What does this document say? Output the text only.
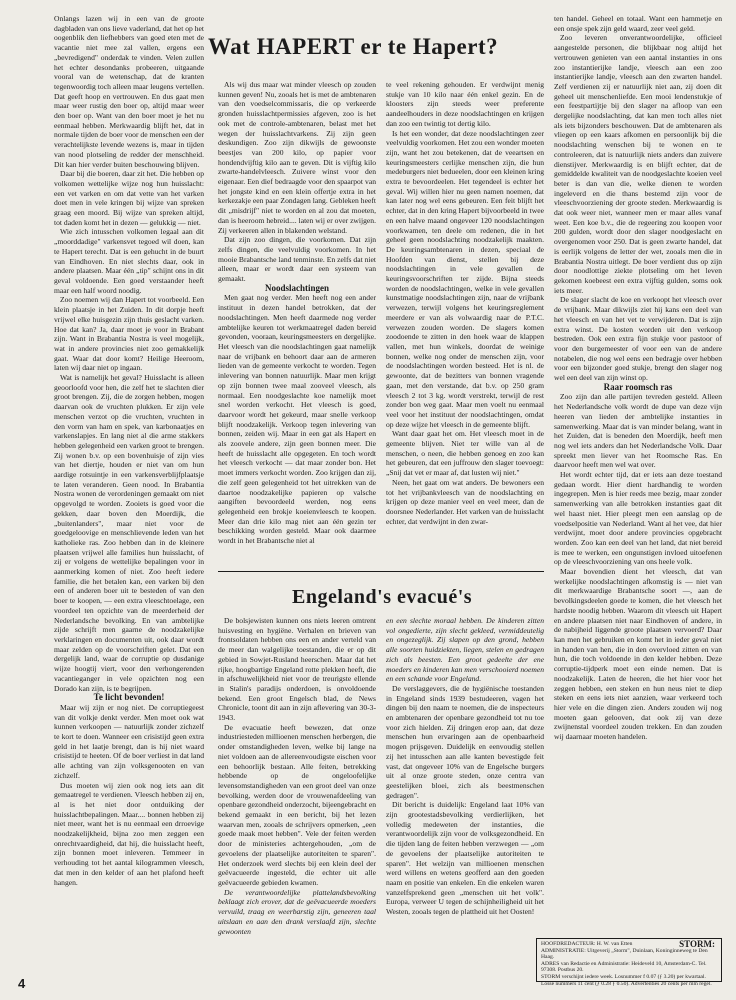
Wat HAPERT er te Hapert?

Onlangs lazen wij in een van de groote dagbladen van ons lieve vaderland, dat het op het oogenblik den liefhebbers van goed eten met de vacantie niet mee zal vallen, ergens een „bevredigend" onderdak te vinden. Velen zullen het echter desondanks probeeren, uitgaande vooral van de wetenschap, dat de kranten tegenwoordig toch alleen maar leugens vertellen. Dat geeft hoop en vertrouwen. En dus gaat men maar weer rustig den boer op, altijd maar weer den boer op. Want van den boer moet je het nu eenmaal hebben. Merkwaardig blijft het, dat in normale tijden de boer voor de menschen een der verachtelijkste levende wezens is, maar in tijden van nood plotseling de redder der menschheid. Dit kan hier verder buiten beschouwing blijven.

Daar bij die boeren, daar zit het. Die hebben op volkomen wettelijke wijze nog hun huisslacht: een vet varken en om dat vette van het varken doet men in vele kringen bij wijze van spreken graag een moord. Bij wijze van spreken altijd, tot daden komt het in dezen — gelukkig — niet.

Wie zich intusschen volkomen legaal aan dit „moorddadige" varkensvet tegoed wil doen, kan te Hapert terecht. Dat is een gehucht in de buurt van Eindhoven. En niet slechts daar, ook in andere plaatsen. Maar één „tip" schijnt ons in dit geval voldoende. Een goed verstaander heeft maar een half woord noodig.

Zoo noemen wij dan Hapert tot voorbeeld. Een klein plaatsje in het Zuiden. In dit dorpje heeft vrijwel elke huisgezin zijn thuis geslacht varken. Hoe dat kan? Ja, daar moet je voor in Brabant zijn. Want in Brabantia Nostra is veel mogelijk, wat in andere provincies niet zoo gemakkelijk gaat. Waar dat door komt? Heilige Heeroom, laten wij daar niet op ingaan.

Wat is namelijk het geval? Huisslacht is alleen geoorloofd voor hen, die zelf het te slachten dier groot brengen. Zij, die de zorgen hebben, mogen daarvan ook de vruchten plukken. Er zijn vele menschen verzot op die vruchten, vruchten in den vorm van ham en spek, van karbonaatjes en varkenslapjes. En lang niet al die arme stakkers hebben gelegenheid een varken groot te brengen. Zij wonen b.v. op een bovenhuisje of zijn vies van het diertje, houden er niet van om hun aardige rotsuintje in een varkensverblijfplaatsje te laten veranderen. Geen nood. In Brabantia Nostra wonen de verordeningen gemaakt om niet opgevolgd te worden. Zooiets is goed voor die gekken, daar boven den Moerdijk, die „buitenlanders", maar niet voor de goedgeloovige en menschlievende leden van het katholieke ras. Zoo hebben dan in de kleinere plaatsen vrijwel alle families hun huisslacht, of zij er volgens de wettelijke bepalingen voor in aanmerking komen of niet. Zoo heeft iedere familie, die het betalen kan, een varken bij den een of anderen boer uit te besteden of van den boer te koopen, — een extra vleeschtoelage, een voordeel ten opzichte van de meerderheid der Nederlandsche bevolking. En van ambtelijke zijde schrijft men gaarne de noodzakelijke verklaringen en documenten uit, ook daar wordt maar zelden op de voorschriften gelet. Dat een dergelijk land, waar de corruptie op dusdanige wijze hoogtij viert, voor den verhongerenden vacantieganger in vele opzichten nog een Dorado kan zijn, is te begrijpen.

Te licht bevonden!

Maar wij zijn er nog niet. De corruptiegeest van dit volkje denkt verder. Men moet ook wat kunnen verkoopen — natuurlijk zonder zichzelf te kort te doen. Wanneer een crisistijd geen extra geld in het laatje brengt, dan is hij niet waard crisistijd te heeten. Of de boer verliest in dat land alle achting van zijn volksgenooten en van zichzelf.

Dus moeten wij zien ook nog iets aan dit gemaatregel te verdienen. Vleesch hebben zij en, al is het niet door ontduiking der huisslachtbepalingen. Maar.... bonnen hebben zij niet meer, want het is nu eenmaal een drroevige noodzakelijkheid, bijna zoo men zeggen een onrechtvaardigheid, dat hij, die huisslacht heeft, zijn bonnen moet inleveren. Temmeer in verhouding tot het aantal kilogrammen vleesch, dat men in den kelder of aan het plafond heeft hangen.

Als wij dus maar wat minder vleesch op zouden kunnen geven! Nu, zooals het is met de ambtenaren van den voedselcommissaris, die op verkeerde gronden huisslachtpermissies afgeven, zoo is het ook met de controle-ambtenaren, belast met het wegen der huisslachtvarkens. Zij zijn geen deskundigen. Zoo zijn dikwijls de gewoonste beestjes van 200 kilo, op papier voor hondendvijftig kilo aan te geven. Dit is vijftig kilo zwarte-handelvleesch. Zuivere winst voor den eigenaar. Een dief bedraagde voor den spaarpot van het jongste kind en een klein offertje extra in het kerkezakje een paar Zondagen lang. Gebleken heeft dit „misdrijf" niet te worden en al zou dat moeten, dan is heeroom hebreid.... laten wij er over zwijgen. Zij verkeeren allen in blakenden welstand.

Dat zijn zoo dingen, die voorkomen. Dat zijn zelfs dingen, die veelvuldig voorkomen. In het mooie Brabantsche land tenminste. En zelfs dat niet alleen, maar er wordt daar een systeem van gemaakt.

Noodslachtingen

Men gaat nog verder. Men heeft nog een ander instituut in dezen handel betrokken, dat der noodslachtingen. Men heeft daarmede nog verder ambtelijke keuren tot werkmaatregel daden bereid gevonden, vooraan, keuringsmeesters en dergelijke. Het vleesch van die noodslachtingen gaat namelijk naar de vrijbank en behoort daar aan de armeren lieden van de gemeente verkocht te worden. Tegen inlevering van bonnen natuurlijk. Maar men krijgt op zijn bonnen twee maal zooveel vleesch, als normaal. Een noodgeslachte koe namelijk moet snel worden verkocht. Het vleesch is goed, daarvoor wordt het gekeurd, maar snelle verkoop blijft noodzakelijk. Verkoop tegen inlevering van bonnen, zeiden wij. Maar in een gat als Hapert en als zoovele andere, zijn geen bonnen meer. Die heeft de huisslacht alle opgegeten. En toch wordt het vleesch verkocht — dat maar zonder bon. Het moet immers verkocht worden. Zoo krijgen dan zij, die zelf geen gelegenheid tot het uitrekken van de daartoe noodzakelijke papieren op valsche aangiften bevoordeeld werden, nog eens gelegenheid een brokje koeienvleesch te koopen. Meer dan drie kilo mag niet aan één gezin ter beschikking worden gesteld. Maar ook daarmee wordt in het Brabantsche niet al

te veel rekening gehouden. Er verdwijnt menig stukje van 10 kilo naar één enkel gezin. En de kloosters zijn steeds weer preferente aandeelhouders in deze noodslachtingen en krijgen dan zoo een twintig tot dertig kilo.

Is het een wonder, dat deze noodslachtingen zeer veelvuldig voorkomen. Het zou een wonder moeten zijn, want het zou betekenen, dat de veeartsen en keuringsmeesters cerlijke menschen zijn, die hun medeburgers niet bedueelen, door een kleinen kring extra te bevoordeelen. Het tegendeel is echter het geval. Wij willen hier nu geen namen noemen, dat kan later nog wel eens gebeuren. Een feit blijft het echter, dat in den kring Hapert bijvoorbeeld in twee en een halve maand ongeveer 120 noodslachtingen voorkwamen, ten deele om redenen, die in het geheel geen noodslachting noodzakelijk maakten. De keuringsambtenaren in dezen, speciaal de Hoofden van dienst, stellen bij deze noodslachtingen in vele gevallen de keuringsvoorschriften ter zijde. Bijna steeds worden de noodslachtingen, welke in vele gevallen kunstmatige noodslachtingen zijn, naar de vrijbank verwezen, terwijl volgens het keuringsreglement meerdere er van als volwaardig naar de P.T.C. verwezen zouden worden. De slagers komen zoodoende te zitten in den hoek waar de klappen vallen, met hun winkels, doordat de weinige bonnen, welke nog onder de menschen zijn, voor de noodslachtingen worden besteed. Het is nl. de gewoonte, dat de bezitters van bonnen vragende gaan, met den verstande, dat b.v. op 250 gram vleesch 2 tot 3 kg. wordt verstrekt, terwijl de rest zonder bon weg gaat. Maar men voelt nu eenmaal veel voor het instituut der noodslachtingen, omdat op deze wijze het vleesch in de gemeente blijft.

Want daar gaat het om. Het vleesch moet in de gemeente blijven. Niet ter wille van al de menschen, o neen, die hebben genoeg en zoo kan het gebeuren, dat een juffrouw den slager toevoegt: „Snij dat vet er maar af, dat lusten wij niet."

Neen, het gaat om wat anders. De bewoners een tot het vrijbankvleesch van de noodslachting en krijgen op deze manier veel en veel meer, dan de doorsnee Nederlander. Het varken van de huisslacht echter, dat verdwijnt in den zwar-

ten handel. Geheel en totaal. Want een hammetje en een onsje spek zijn geld waard, zeer veel geld.

Zoo leveren onverantwoordelijke, officieel aangestelde personen, die blijkbaar nog altijd het vertrouwen genieten van een aantal instanties in ons zoo instantierijke landje, vleesch aan een zoo instantierijke landje, vleesch aan den zwarten handel. Zelf verdienen zij er natuurlijk niet aan, zij doen dit geheel uit menschenliefde. Een mooi lendenstukje of een feestpartijtje bij den slager na afloop van een dergelijke noodslachting, dat kan men toch alles niet als iets bijzonders beschouwen. Dat de ambtenaren als vliegen op een kaars afkomen en persoonlijk bij die noodslachting wenschen bij te wonen en te controleeren, dat is natuurlijk niets anders dan zuivere dienstijver. Merkwaardig is en blijft echter, dat de gemiddelde kwaliteit van de noodgeslachte koeien veel beter is dan van die, welke dienen te worden ingeleverd en die thans bestemd zijn voor de vleeschvoorziening der groote steden. Merkwaardig is dat ook weer niet, wanneer men er maar alles vanaf weet. Een koe b.v., die de regeering zou koopen voor 200 gulden, wordt door den slager noodgeslacht en overgenomen voor 250. Dat is geen zwarte handel, dat is eerlijk volgens de letter der wet, zooals men die in Brabantia Nostra uitlegt. De boer verdient dus op zijn door noodlottige ziekte plotseling om het leven gekomen koebeest een extra vijftig gulden, soms ook iets meer.

De slager slacht de koe en verkoopt het vleesch over de vrijbank. Maar dikwijls ziet hij kans een deel van het vleesch en van het vet te verwijderen. Dat is zijn extra winst. De kosten worden uit den verkoop bestreden. Ook een extra fijn stukje voor pastoor of voor den burgemeester of voor een van de andere notabelen, die nog wel eens een bedragje over hebben voor een bijzonder goed stukje, brengt den slager nog wel een deel van zijn winst op.

Raar roomsch ras

Zoo zijn dan alle partijen tevreden gesteld. Alleen het Nederlandsche volk wordt de dupe van deze vijn heeren van lieden der ambtelijke instanties in samenwerking. Maar dat is van minder belang, want in het Zuiden, dat is beneden den Moerdijk, heeft men nog wel iets anders dan het Nederlandsche Volk. Daar spreekt men liever van het Roomsche Ras. En daarvoor heeft men wel wat over.

Het wordt echter tijd, dat er iets aan deze toestand gedaan wordt. Hier dient hardhandig te worden ingegrepen. Men is hier reeds mee bezig, maar zonder samenwerking van alle betrokken instanties gaat dit wel haast niet. Hier pleegt men een aanslag op de voedselpositie van Nederland. Want al het vee, dat hier verdwijnt, moet door andere provincies opgebracht worden. Zoo kan een deel van het land, dat niet bereid is mee te werken, een ongunstigen invloed uitoefenen op de vleeschvoorziening van ons heele volk.

Maar bovendien dient het vleesch, dat van werkelijke noodslachtingen afkomstig is — niet van dit merkwaardige Brabantsche soort —, aan de bevolkingsdeelen goede te komen, die het vleesch het hardste noodig hebben. Waarom dit vleesch uit Hapert en andere plaatsen niet naar Eindhoven of andere, in de nabijheid liggende groote plaatsen vervoerd? Daar kan men het gebruiken en komt het in ieder geval niet in handen van hen, die in den overvloed zitten en van hun, die toch voldoende in den kelder hebben. Deze corruptie-tijdperk moet een einde nemen. Dat is noodzakelijk. Laten de heeren, die het hier voor het zeggen hebben, een steken en hun neus niet te diep steken en eens iets niet aanzien, waar verkeerd toch hier vele en die dingen zien. Anders zouden wij nog moeten gaan gelooven, dat ook zij van deze zwijnenstal voordeel zouden trekken. En dan zouden wij daarnaar moeten handelen.

Engeland's evacué's

De bolsjewisten kunnen ons niets leeren omtrent huisvesting en hygiëne. Verhalen en brieven van frontsoldaten hebben ons een en ander verteld van de meer dan walgelijke toestanden, die er op dit gebied in Sowjet-Rusland heerschen. Maar dat het rijke, hoogbartige Engeland rotte plekken heeft, die in afschuwelijkheid niet voor de treurigste ellende in Stalin's paradijs onderdoen, is onvoldoende bekend. Een groot Engelsch blad, de News Chronicle, toont dit aan in zijn aflevering van 30-3-1943.

De evacuatie heeft bewezen, dat onze industriesteden millioenen menschen herbergen, die onder omstandigheden leven, welke bij lange na niet voldoen aan de allereenvoudigste eischen voor een behoorlijk bestaan. Alle feiten, betrekking hebbende op de ongeloofelijke levensomstandigheden van een groot deel van onze bevolking, werden door de vrouwenafdeeling van openbare gezondheid onderzocht, bijeengebracht en bekend gemaakt in een bericht, bij het lezen waarvan men, zooals de schrijvers opmerken, „een goede maak moet hebben". Vele der feiten werden door de ministeries achtergehouden, „om de gevoelens der plaatselijke autoriteiten te sparen". Het onderzoek werd slechts bij een klein deel der geëvacueerde ingesteld, die echter uit alle geëvacueerde gebieden kwamen.

De verantwoordelijke plattelandsbevolking beklaagt zich erover, dat de geëvacueerde moeders vervuild, traag en weerbarstig zijn, geneeren taal uitslaan en aan den drank verslaafd zijn, slechte gewoonten

en een slechte moraal hebben. De kinderen zitten vol ongedierte, zijn slecht gekleed, vermiddeutelig en ongezeglijk. Zij slapen op den grond, hebben alle soorten huidziekten, liegen, stelen en gedragen zich als beesten. Een groot gedeelte der ene moeders en kinderen kan men verschooierd noemen en een schande voor Engeland.

De verslaggevers, die de hygiënische toestanden in Engeland sinds 1939 bestudeeren, vagen het dingen bij den naam te noemen, die de inspecteurs en ambtenaren der openbare gezondheid tot nu toe voor zich hielden. Zij dringen erop aan, dat deze menschen hun ervaringen aan de openbaarheid mogen prijsgeven. Duidelijk en eenvoudig stellen zij het intusschen aan alle kanten bevestigde feit vast, dat ongeveer 10% van de Engelsche burgers uit al onze groote steden, onze centra van geestelijken bloei, zich als beestmenschen gedragen".

Dit bericht is duidelijk: Engeland laat 10% van zijn grootestadsbevolking verdierlijken, het volledig medeweten der instanties, die verantwoordelijk zijn voor de volksgezondheid. En die tijden lang de feiten hebben verzwegen — „om de gevoelens der plaatselijke autoriteiten te sparen". Het welzijn van millioenen menschen werd willens en wetens geofferd aan den goeden naam en positie van enkelen. En die enkelen waren vanzelfsprekend geen „menschen uit het volk". Europa, verweer U tegen de schijnheiligheid uit het Westen, zooals tegen de plattheid uit het Oosten!

STORM:
HOOFDREDACTEUR: H. W. van Etten
ADMINISTRATIE: Uitgeverij „Storm", Duinlaan, Koninginneweg te Den Haag.
ADRES van Redactie en Administratie: Heideveld 10, Amsterdam-C. Tel. 97308. Postbus 20.
STORM verschijnt iedere week. Losnummer f 0.07 (ƒ 3.20) per kwartaal. Losse nummers 11 cent (ƒ 0.28 ƒ 0.50). Advertenties 20 cents per mm regel.
4
